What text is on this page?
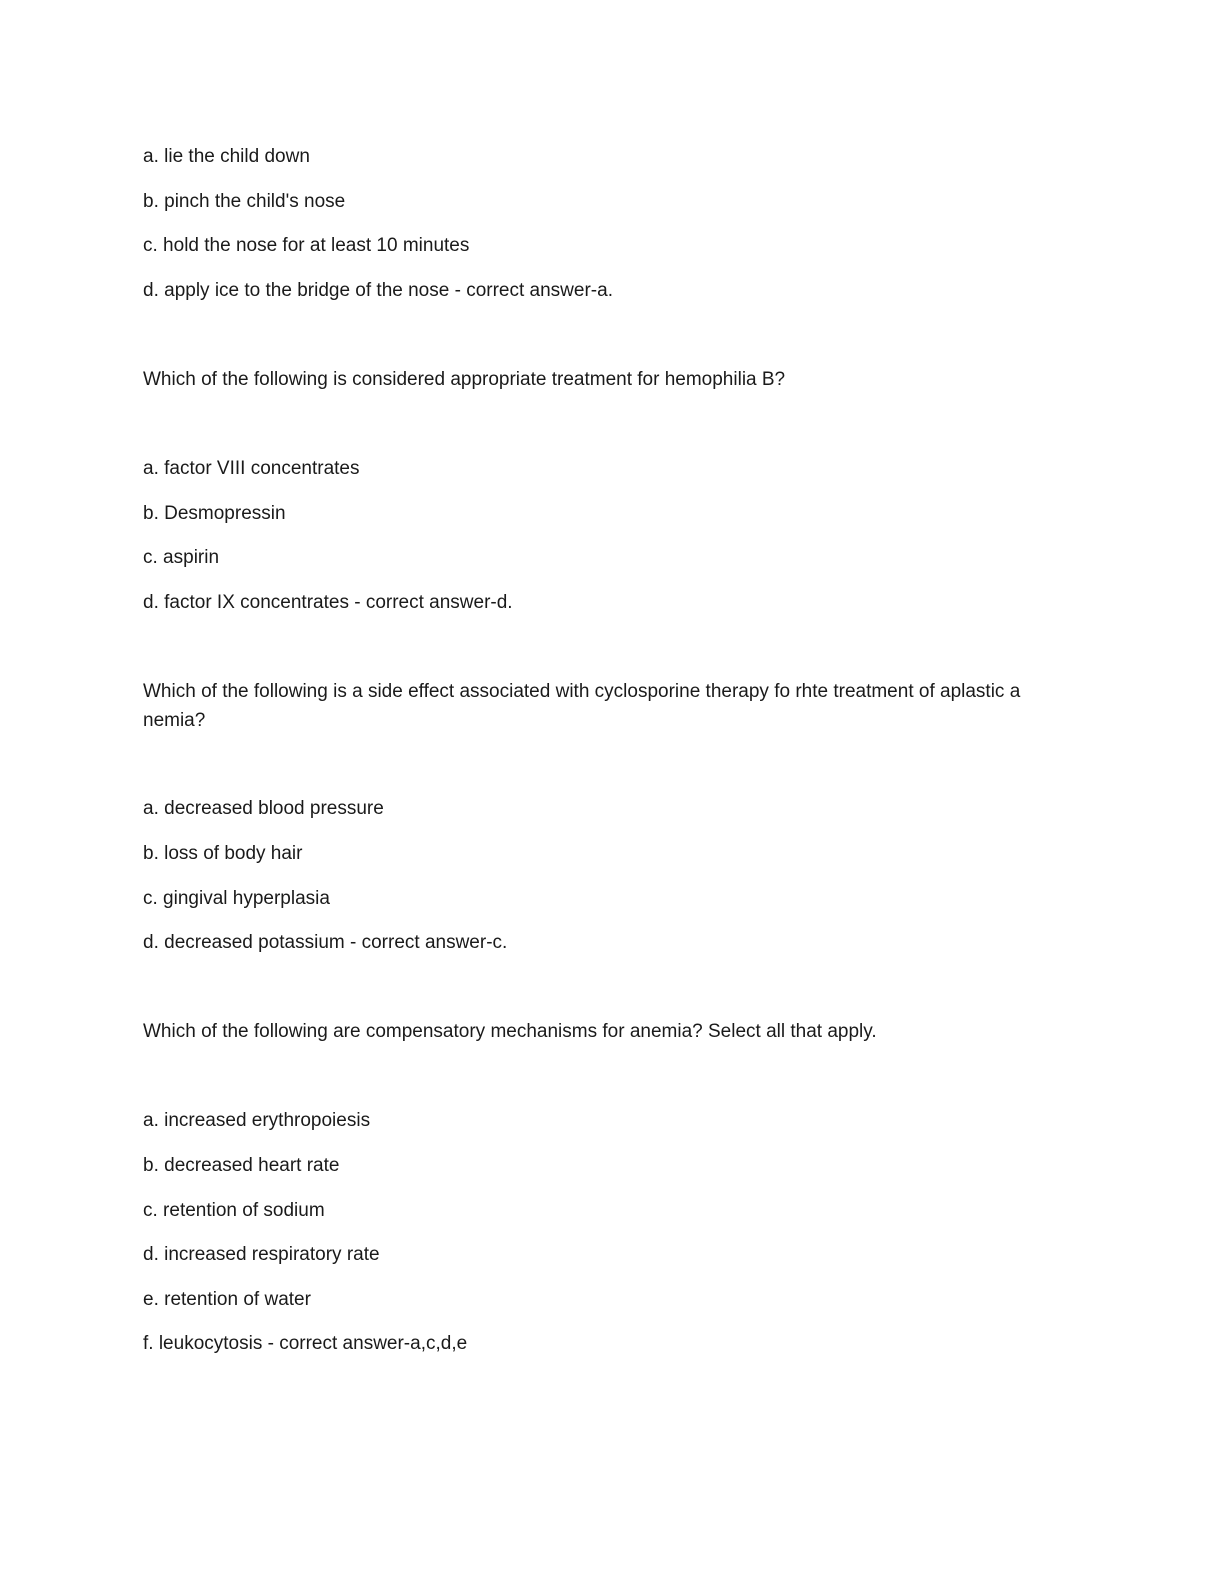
a. lie the child down
b. pinch the child's nose
c. hold the nose for at least 10 minutes
d. apply ice to the bridge of the nose - correct answer-a.
Which of the following is considered appropriate treatment for hemophilia B?
a. factor VIII concentrates
b. Desmopressin
c. aspirin
d. factor IX concentrates - correct answer-d.
Which of the following is a side effect associated with cyclosporine therapy fo rhte treatment of aplastic a
nemia?
a. decreased blood pressure
b. loss of body hair
c. gingival hyperplasia
d. decreased potassium - correct answer-c.
Which of the following are compensatory mechanisms for anemia? Select all that apply.
a. increased erythropoiesis
b. decreased heart rate
c. retention of sodium
d. increased respiratory rate
e. retention of water
f. leukocytosis - correct answer-a,c,d,e
